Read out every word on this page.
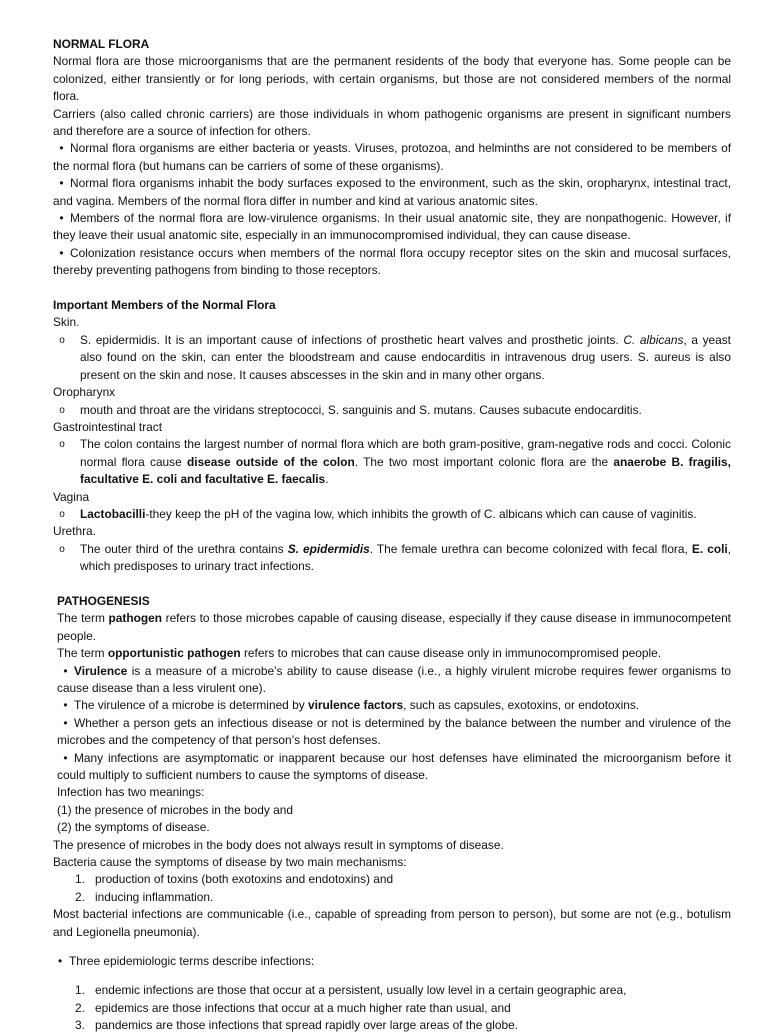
NORMAL FLORA

Normal flora are those microorganisms that are the permanent residents of the body that everyone has. Some people can be colonized, either transiently or for long periods, with certain organisms, but those are not considered members of the normal flora.

Carriers (also called chronic carriers) are those individuals in whom pathogenic organisms are present in significant numbers and therefore are a source of infection for others.

• Normal flora organisms are either bacteria or yeasts. Viruses, protozoa, and helminths are not considered to be members of the normal flora (but humans can be carriers of some of these organisms).

• Normal flora organisms inhabit the body surfaces exposed to the environment, such as the skin, oropharynx, intestinal tract, and vagina. Members of the normal flora differ in number and kind at various anatomic sites.

• Members of the normal flora are low-virulence organisms. In their usual anatomic site, they are nonpathogenic. However, if they leave their usual anatomic site, especially in an immunocompromised individual, they can cause disease.

• Colonization resistance occurs when members of the normal flora occupy receptor sites on the skin and mucosal surfaces, thereby preventing pathogens from binding to those receptors.

Important Members of the Normal Flora

Skin.

o S. epidermidis. It is an important cause of infections of prosthetic heart valves and prosthetic joints. C. albicans, a yeast also found on the skin, can enter the bloodstream and cause endocarditis in intravenous drug users. S. aureus is also present on the skin and nose. It causes abscesses in the skin and in many other organs.

Oropharynx

o mouth and throat are the viridans streptococci, S. sanguinis and S. mutans. Causes subacute endocarditis.

Gastrointestinal tract

o The colon contains the largest number of normal flora which are both gram-positive, gram-negative rods and cocci. Colonic normal flora cause disease outside of the colon. The two most important colonic flora are the anaerobe B. fragilis, facultative E. coli and facultative E. faecalis.

Vagina

o Lactobacilli-they keep the pH of the vagina low, which inhibits the growth of C. albicans which can cause of vaginitis.

Urethra.

o The outer third of the urethra contains S. epidermidis. The female urethra can become colonized with fecal flora, E. coli, which predisposes to urinary tract infections.

PATHOGENESIS

The term pathogen refers to those microbes capable of causing disease, especially if they cause disease in immunocompetent people.

The term opportunistic pathogen refers to microbes that can cause disease only in immunocompromised people.

• Virulence is a measure of a microbe’s ability to cause disease (i.e., a highly virulent microbe requires fewer organisms to cause disease than a less virulent one).

• The virulence of a microbe is determined by virulence factors, such as capsules, exotoxins, or endotoxins.

• Whether a person gets an infectious disease or not is determined by the balance between the number and virulence of the microbes and the competency of that person’s host defenses.

• Many infections are asymptomatic or inapparent because our host defenses have eliminated the microorganism before it could multiply to sufficient numbers to cause the symptoms of disease.

Infection has two meanings:

(1) the presence of microbes in the body and

(2) the symptoms of disease.

The presence of microbes in the body does not always result in symptoms of disease.

Bacteria cause the symptoms of disease by two main mechanisms:

1. production of toxins (both exotoxins and endotoxins) and
2. inducing inflammation.

Most bacterial infections are communicable (i.e., capable of spreading from person to person), but some are not (e.g., botulism and Legionella pneumonia).

• Three epidemiologic terms describe infections:

1. endemic infections are those that occur at a persistent, usually low level in a certain geographic area,
2. epidemics are those infections that occur at a much higher rate than usual, and
3. pandemics are those infections that spread rapidly over large areas of the globe.
